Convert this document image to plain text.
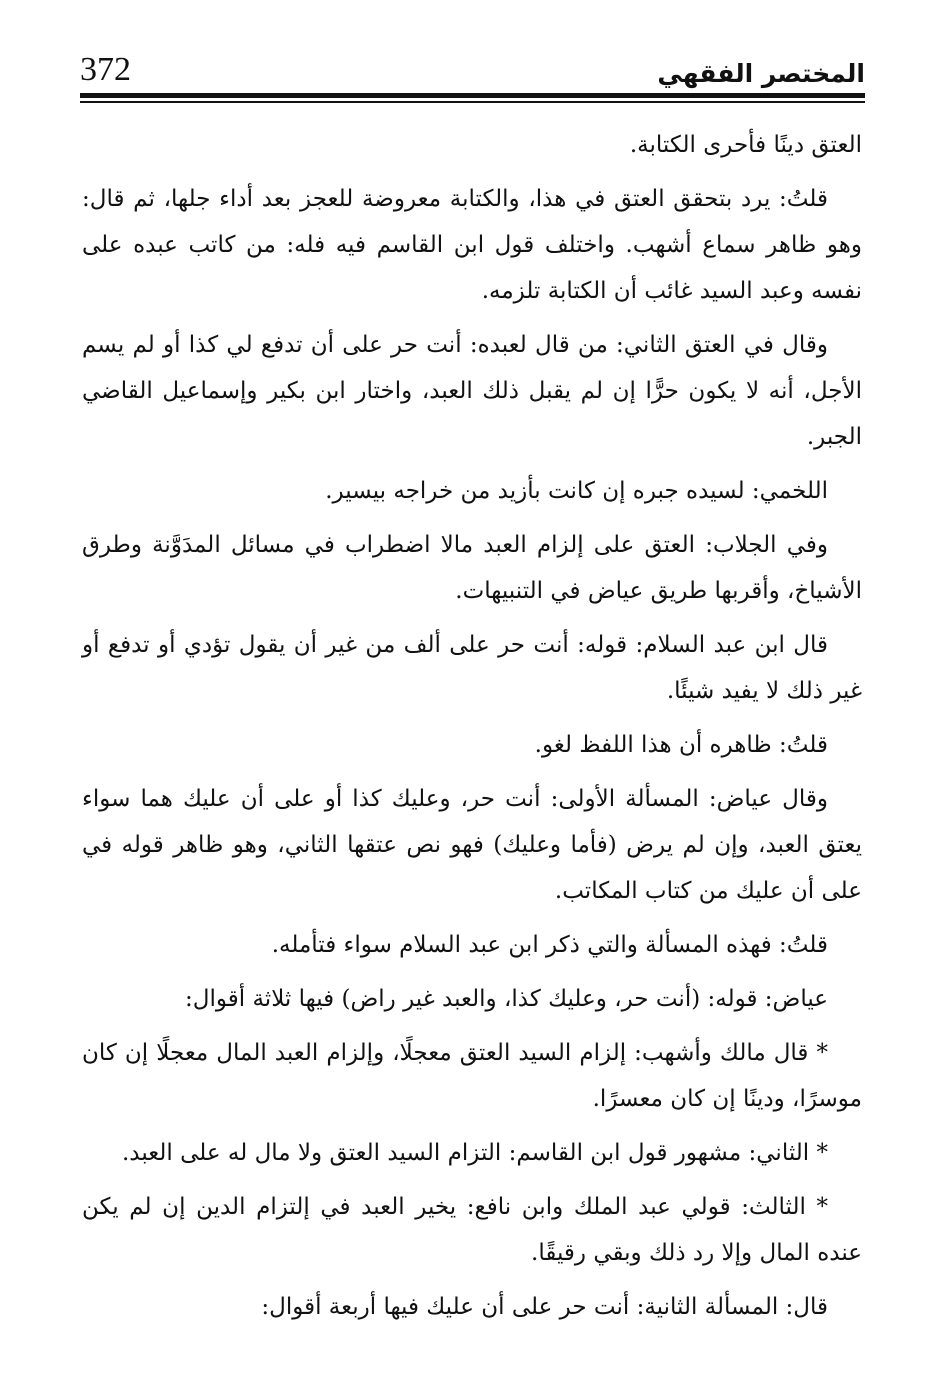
372	المختصر الفقهي

العتق دينًا فأحرى الكتابة.

قلتُ: يرد بتحقق العتق في هذا، والكتابة معروضة للعجز بعد أداء جلها، ثم قال: وهو ظاهر سماع أشهب. واختلف قول ابن القاسم فيه فله: من كاتب عبده على نفسه وعبد السيد غائب أن الكتابة تلزمه.

وقال في العتق الثاني: من قال لعبده: أنت حر على أن تدفع لي كذا أو لم يسم الأجل، أنه لا يكون حرًّا إن لم يقبل ذلك العبد، واختار ابن بكير وإسماعيل القاضي الجبر.

اللخمي: لسيده جبره إن كانت بأزيد من خراجه بيسير.

وفي الجلاب: العتق على إلزام العبد مالا اضطراب في مسائل المدَوَّنة وطرق الأشياخ، وأقربها طريق عياض في التنبيهات.

قال ابن عبد السلام: قوله: أنت حر على ألف من غير أن يقول تؤدي أو تدفع أو غير ذلك لا يفيد شيئًا.

قلتُ: ظاهره أن هذا اللفظ لغو.

وقال عياض: المسألة الأولى: أنت حر، وعليك كذا أو على أن عليك هما سواء يعتق العبد، وإن لم يرض (فأما وعليك) فهو نص عتقها الثاني، وهو ظاهر قوله في على أن عليك من كتاب المكاتب.

قلتُ: فهذه المسألة والتي ذكر ابن عبد السلام سواء فتأمله.

عياض: قوله: (أنت حر، وعليك كذا، والعبد غير راض) فيها ثلاثة أقوال:

* قال مالك وأشهب: إلزام السيد العتق معجلًا، وإلزام العبد المال معجلًا إن كان موسرًا، ودينًا إن كان معسرًا.

* الثاني: مشهور قول ابن القاسم: التزام السيد العتق ولا مال له على العبد.

* الثالث: قولي عبد الملك وابن نافع: يخير العبد في إلتزام الدين إن لم يكن عنده المال وإلا رد ذلك وبقي رقيقًا.

قال: المسألة الثانية: أنت حر على أن عليك فيها أربعة أقوال:
